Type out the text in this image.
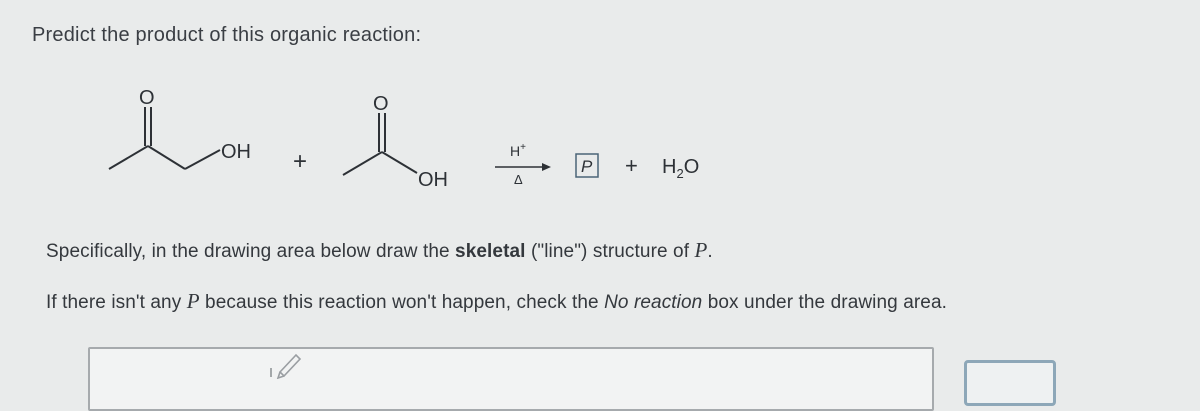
Predict the product of this organic reaction:
O
OH +
O
OH
H+
Δ
$P + H_2O$
Specifically, in the drawing area below draw the skeletal ("line") structure of P.
If there isn't any P because this reaction won't happen, check the No reaction box under the drawing area.
